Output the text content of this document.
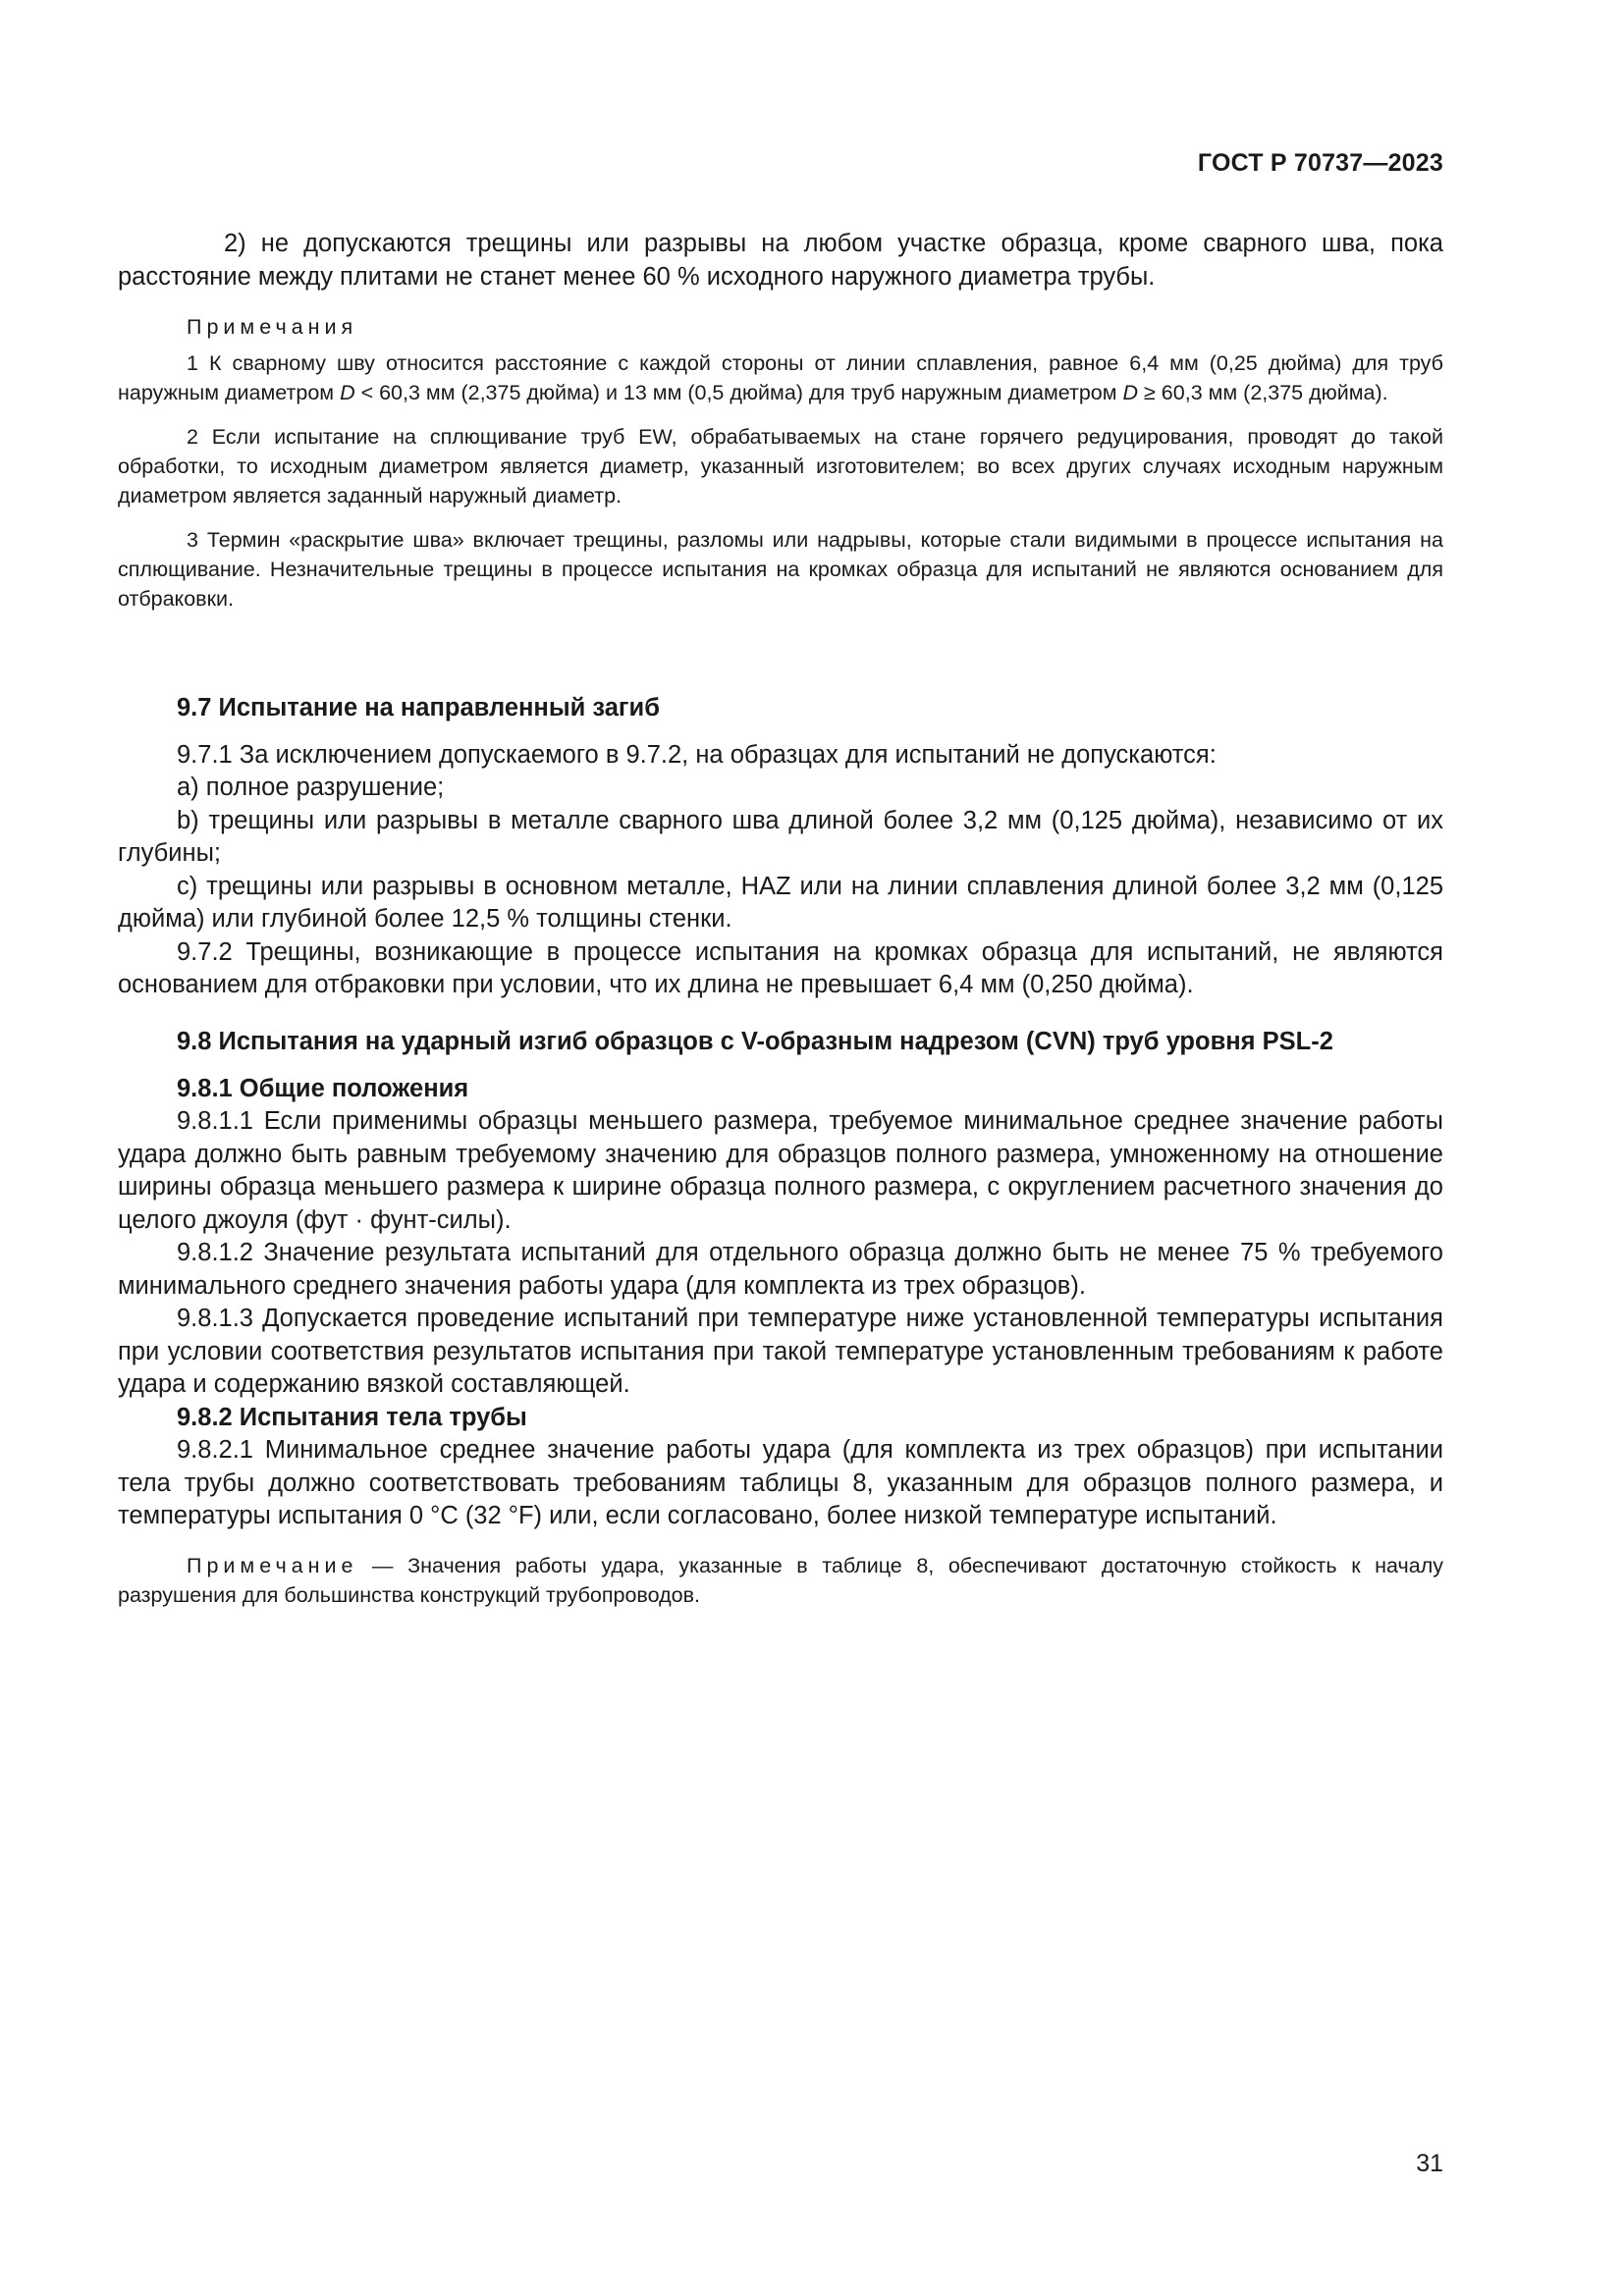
ГОСТ Р 70737—2023

2) не допускаются трещины или разрывы на любом участке образца, кроме сварного шва, пока расстояние между плитами не станет менее 60 % исходного наружного диаметра трубы.

Примечания

1 К сварному шву относится расстояние с каждой стороны от линии сплавления, равное 6,4 мм (0,25 дюйма) для труб наружным диаметром D < 60,3 мм (2,375 дюйма) и 13 мм (0,5 дюйма) для труб наружным диаметром D ≥ 60,3 мм (2,375 дюйма).

2 Если испытание на сплющивание труб EW, обрабатываемых на стане горячего редуцирования, проводят до такой обработки, то исходным диаметром является диаметр, указанный изготовителем; во всех других случаях исходным наружным диаметром является заданный наружный диаметр.

3 Термин «раскрытие шва» включает трещины, разломы или надрывы, которые стали видимыми в процессе испытания на сплющивание. Незначительные трещины в процессе испытания на кромках образца для испытаний не являются основанием для отбраковки.

9.7 Испытание на направленный загиб

9.7.1 За исключением допускаемого в 9.7.2, на образцах для испытаний не допускаются:

а) полное разрушение;

b) трещины или разрывы в металле сварного шва длиной более 3,2 мм (0,125 дюйма), независимо от их глубины;

с) трещины или разрывы в основном металле, HAZ или на линии сплавления длиной более 3,2 мм (0,125 дюйма) или глубиной более 12,5 % толщины стенки.

9.7.2 Трещины, возникающие в процессе испытания на кромках образца для испытаний, не являются основанием для отбраковки при условии, что их длина не превышает 6,4 мм (0,250 дюйма).

9.8 Испытания на ударный изгиб образцов с V-образным надрезом (CVN) труб уровня PSL-2

9.8.1 Общие положения

9.8.1.1 Если применимы образцы меньшего размера, требуемое минимальное среднее значение работы удара должно быть равным требуемому значению для образцов полного размера, умноженному на отношение ширины образца меньшего размера к ширине образца полного размера, с округлением расчетного значения до целого джоуля (фут · фунт-силы).

9.8.1.2 Значение результата испытаний для отдельного образца должно быть не менее 75 % требуемого минимального среднего значения работы удара (для комплекта из трех образцов).

9.8.1.3 Допускается проведение испытаний при температуре ниже установленной температуры испытания при условии соответствия результатов испытания при такой температуре установленным требованиям к работе удара и содержанию вязкой составляющей.

9.8.2 Испытания тела трубы

9.8.2.1 Минимальное среднее значение работы удара (для комплекта из трех образцов) при испытании тела трубы должно соответствовать требованиям таблицы 8, указанным для образцов полного размера, и температуры испытания 0 °C (32 °F) или, если согласовано, более низкой температуре испытаний.

Примечание — Значения работы удара, указанные в таблице 8, обеспечивают достаточную стойкость к началу разрушения для большинства конструкций трубопроводов.

31
